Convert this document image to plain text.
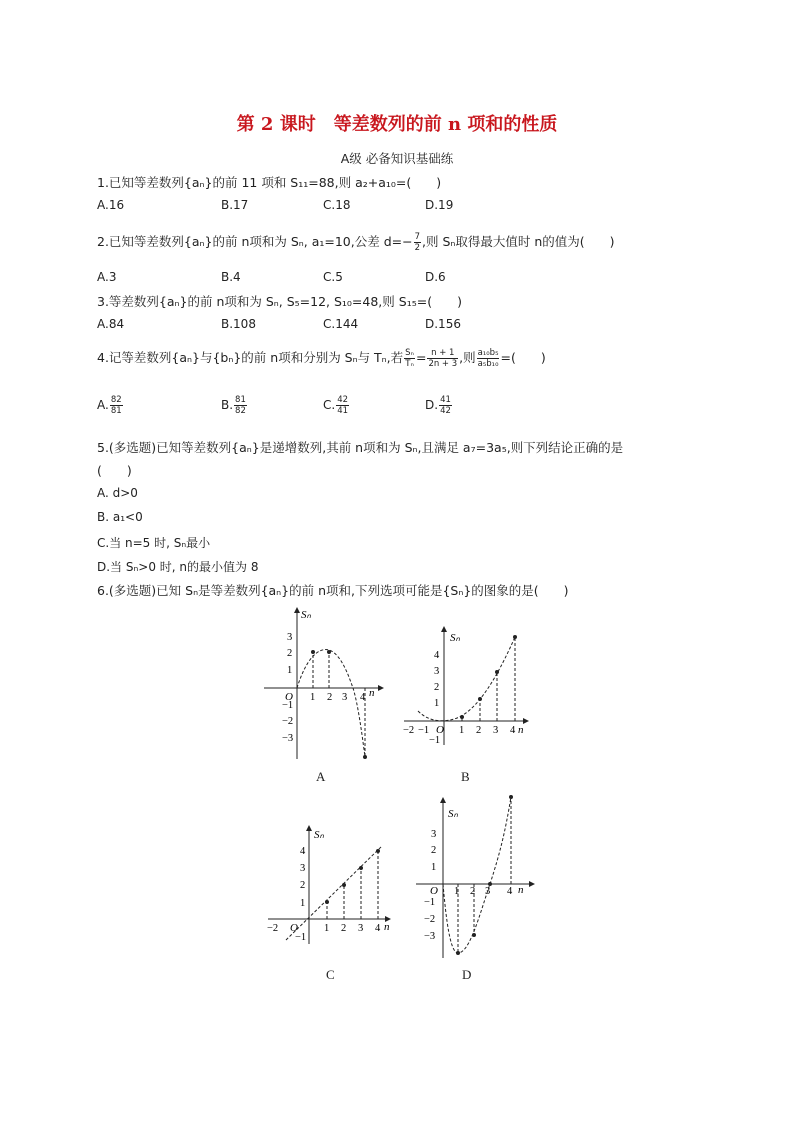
第 2 课时　等差数列的前 n 项和的性质
A级 必备知识基础练
1.已知等差数列{aₙ}的前 11 项和 S₁₁=88,则 a₂+a₁₀=(　　)
A.16	B.17	C.18	D.19
2.已知等差数列{aₙ}的前 n项和为 Sₙ, a₁=10,公差 $d=- \frac{7}{2}$ ,则 Sₙ取得最大值时 n的值为(　　)
A.3	B.4	C.5	D.6
3.等差数列{aₙ}的前 n项和为 Sₙ, S₅=12, S₁₀=48,则 S₁₅=(　　)
A.84	B.108	C.144	D.156
4.记等差数列{aₙ}与{bₙ}的前 n项和分别为 Sₙ与 Tₙ,若 $\frac{\text{Sₙ}}{\text{Tₙ}} = \frac{n + 1}{2n + 3}$ ,则 $\frac{\text{a₁₀b₅}}{\text{a₅b₁₀}}$ =(　　)
A. $\frac{82}{81}$	B. $\frac{81}{82}$	C. $\frac{42}{41}$	D. $\frac{41}{42}$
5.(多选题)已知等差数列{aₙ}是递增数列,其前 n项和为 Sₙ,且满足 a₇=3a₅,则下列结论正确的是
(　　)
A. d>0
B. a₁<0
C.当 n=5 时, Sₙ最小
D.当 Sₙ>0 时, n的最小值为 8
6.(多选题)已知 Sₙ是等差数列{aₙ}的前 n项和,下列选项可能是{Sₙ}的图象的是(　　)
Sₙ
n
O
3
2
1
−1
−2
−3
1 2 3 4
A
Sₙ
n
O
4
3
2
1
−1
−2 −1	1 2 3 4
B
Sₙ
n
O
4
3
2
1
−1
−2	1 2 3 4
C
Sₙ
n
O
3
2
1
−1
−2
−3
1 2 3 4
D
